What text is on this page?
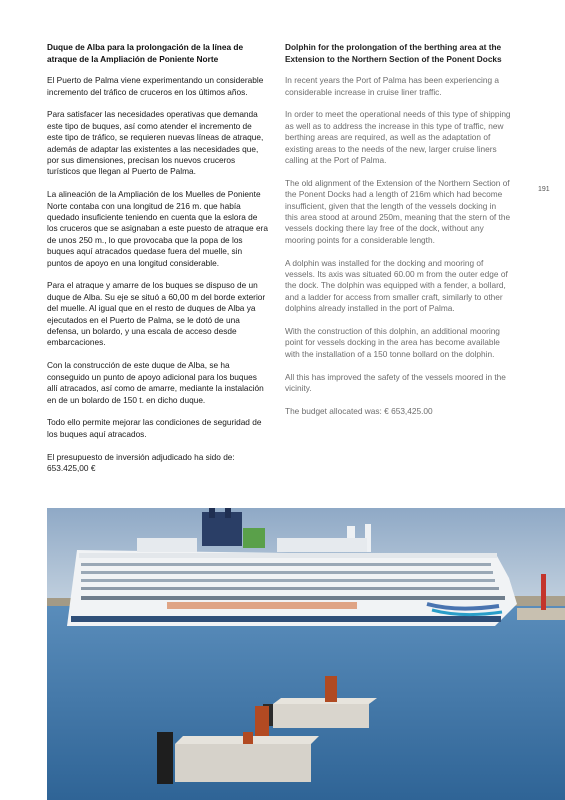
Duque de Alba para la prolongación de la línea de atraque de la Ampliación de Poniente Norte
El Puerto de Palma viene experimentando un considerable incremento del tráfico de cruceros en los últimos años.
Para satisfacer las necesidades operativas que demanda este tipo de buques, así como atender el incremento de este tipo de tráfico, se requieren nuevas líneas de atraque, además de adaptar las existentes a las necesidades que, por sus dimensiones, precisan los nuevos cruceros turísticos que llegan al Puerto de Palma.
La alineación de la Ampliación de los Muelles de Poniente Norte contaba con una longitud de 216 m. que había quedado insuficiente teniendo en cuenta que la eslora de los cruceros que se asignaban a este puesto de atraque era de unos 250 m., lo que provocaba que la popa de los buques aquí atracados quedase fuera del muelle, sin puntos de apoyo en una longitud considerable.
Para el atraque y amarre de los buques se dispuso de un duque de Alba. Su eje se situó a 60,00 m del borde exterior del muelle. Al igual que en el resto de duques de Alba ya ejecutados en el Puerto de Palma, se le dotó de una defensa, un bolardo, y una escala de acceso desde embarcaciones.
Con la construcción de este duque de Alba, se ha conseguido un punto de apoyo adicional para los buques allí atracados, así como de amarre, mediante la instalación en de un bolardo de 150 t. en dicho duque.
Todo ello permite mejorar las condiciones de seguridad de los buques aquí atracados.
El presupuesto de inversión adjudicado ha sido de: 653.425,00 €
Dolphin for the prolongation of the berthing area at the Extension to the Northern Section of the Ponent Docks
In recent years the Port of Palma has been experiencing a considerable increase in cruise liner traffic.
In order to meet the operational needs of this type of shipping as well as to address the increase in this type of traffic, new berthing areas are required, as well as the adaptation of existing areas to the needs of the new, larger cruise liners calling at the Port of Palma.
The old alignment of the Extension of the Northern Section of the Ponent Docks had a length of 216m which had become insufficient, given that the length of the vessels docking in this area stood at around 250m, meaning that the stern of the vessels docking there lay free of the dock, without any mooring points for a considerable length.
A dolphin was installed for the docking and mooring of vessels. Its axis was situated 60.00 m from the outer edge of the dock. The dolphin was equipped with a fender, a bollard, and a ladder for access from smaller craft, similarly to other dolphins already installed in the port of Palma.
With the construction of this dolphin, an additional mooring point for vessels docking in the area has become available with the installation of a 150 tonne bollard on the dolphin.
All this has improved the safety of the vessels moored in the vicinity.
The budget allocated was: € 653,425.00
191
